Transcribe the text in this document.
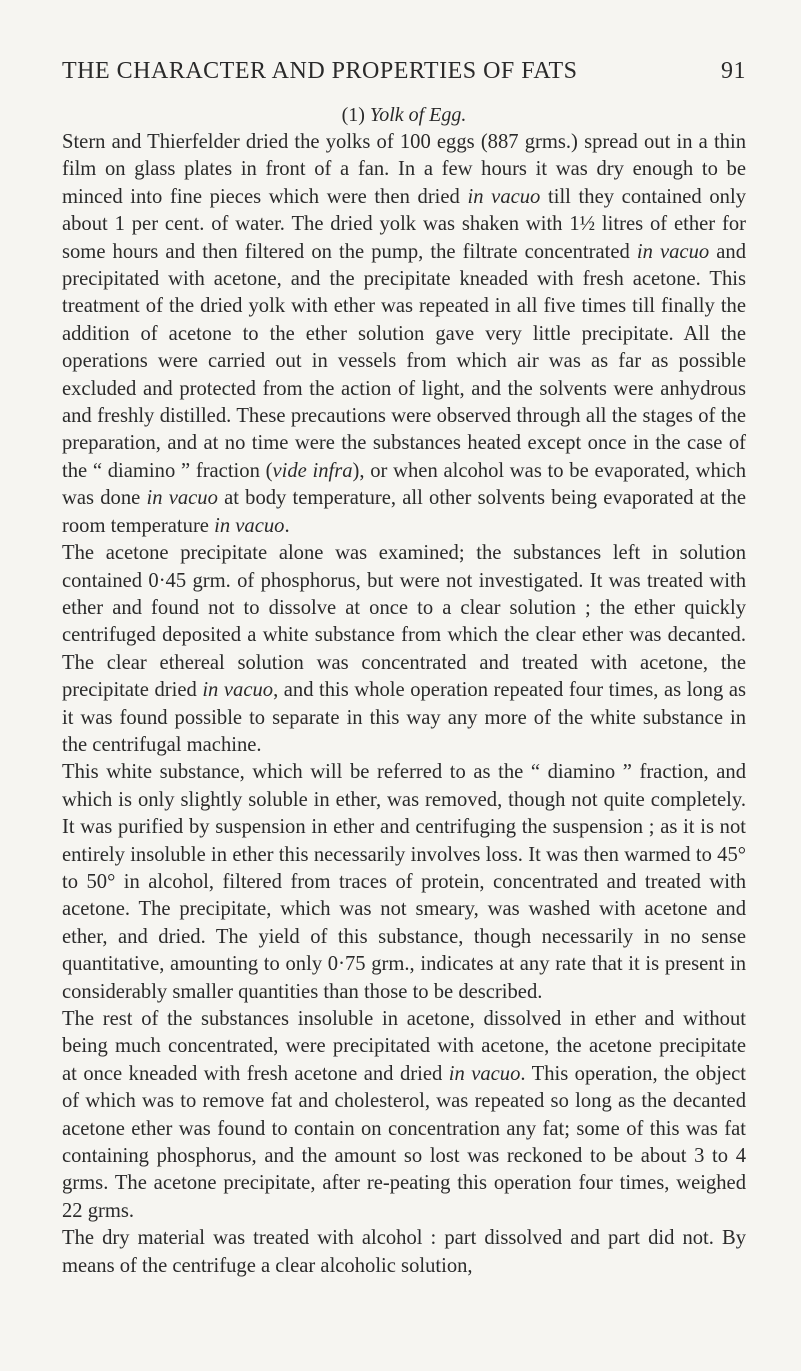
THE CHARACTER AND PROPERTIES OF FATS	91
(1) Yolk of Egg.

Stern and Thierfelder dried the yolks of 100 eggs (887 grms.) spread out in a thin film on glass plates in front of a fan. In a few hours it was dry enough to be minced into fine pieces which were then dried in vacuo till they contained only about 1 per cent. of water. The dried yolk was shaken with 1½ litres of ether for some hours and then filtered on the pump, the filtrate concentrated in vacuo and precipitated with acetone, and the precipitate kneaded with fresh acetone. This treatment of the dried yolk with ether was repeated in all five times till finally the addition of acetone to the ether solution gave very little precipitate. All the operations were carried out in vessels from which air was as far as possible excluded and protected from the action of light, and the solvents were anhydrous and freshly distilled. These precautions were observed through all the stages of the preparation, and at no time were the substances heated except once in the case of the “ diamino ” fraction (vide infra), or when alcohol was to be evaporated, which was done in vacuo at body temperature, all other solvents being evaporated at the room temperature in vacuo.

The acetone precipitate alone was examined; the substances left in solution contained 0·45 grm. of phosphorus, but were not investigated. It was treated with ether and found not to dissolve at once to a clear solution ; the ether quickly centrifuged deposited a white substance from which the clear ether was decanted. The clear ethereal solution was concentrated and treated with acetone, the precipitate dried in vacuo, and this whole operation repeated four times, as long as it was found possible to separate in this way any more of the white substance in the centrifugal machine.

This white substance, which will be referred to as the “ diamino ” fraction, and which is only slightly soluble in ether, was removed, though not quite completely. It was purified by suspension in ether and centrifuging the suspension ; as it is not entirely insoluble in ether this necessarily involves loss. It was then warmed to 45° to 50° in alcohol, filtered from traces of protein, concentrated and treated with acetone. The precipitate, which was not smeary, was washed with acetone and ether, and dried. The yield of this substance, though necessarily in no sense quantitative, amounting to only 0·75 grm., indicates at any rate that it is present in considerably smaller quantities than those to be described.

The rest of the substances insoluble in acetone, dissolved in ether and without being much concentrated, were precipitated with acetone, the acetone precipitate at once kneaded with fresh acetone and dried in vacuo. This operation, the object of which was to remove fat and cholesterol, was repeated so long as the decanted acetone ether was found to contain on concentration any fat; some of this was fat containing phosphorus, and the amount so lost was reckoned to be about 3 to 4 grms. The acetone precipitate, after re-peating this operation four times, weighed 22 grms.

The dry material was treated with alcohol : part dissolved and part did not. By means of the centrifuge a clear alcoholic solution,
